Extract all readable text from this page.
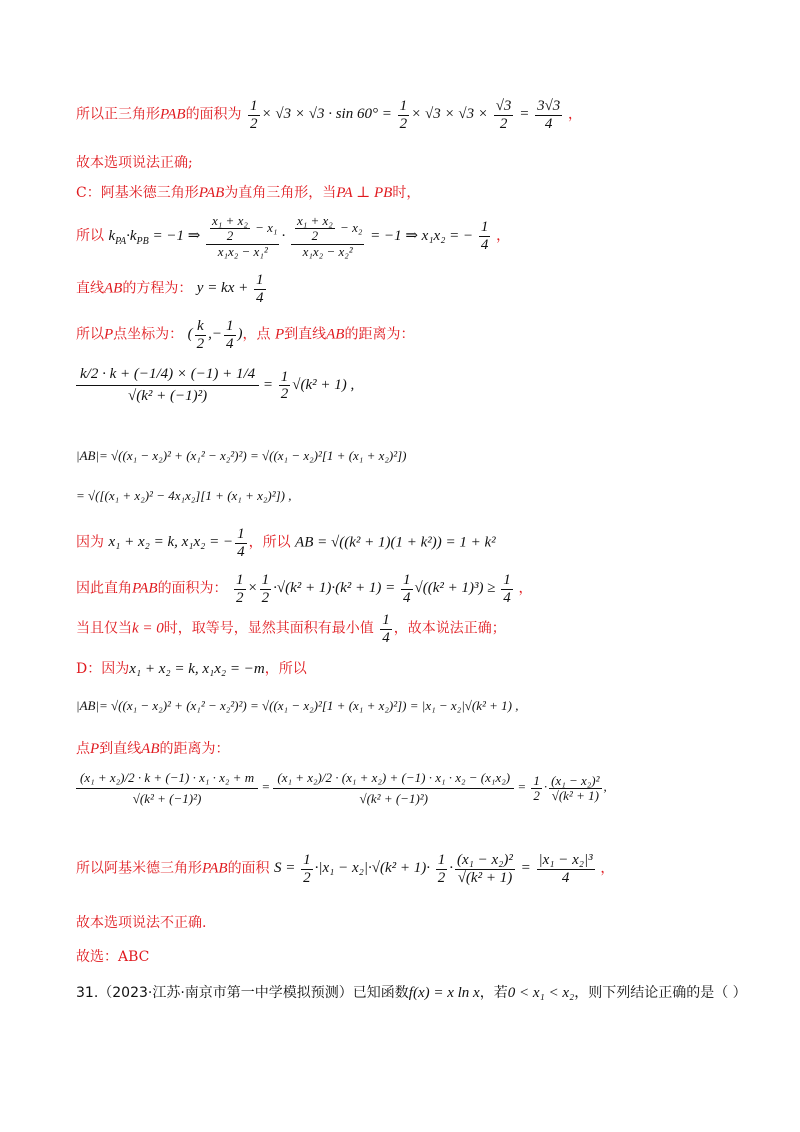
所以正三角形PAB的面积为 $\frac{1}{2} \times √3 \times √3 \cdot \sin 60^\circ = \frac{1}{2} \times √3 \times √3 \times \frac{√3}{2} = \frac{3√3}{4}$ ，
故本选项说法正确;
C：阿基米德三角形PAB为直角三角形，当PA ⊥ PB时，
所以 $k_{PA}\cdot k_{PB} = -1$ ⇒ $\frac{\frac{\text{x₁ + x₂}}{2} - x_1}{\text{x₁x₂ − x₁²}} \cdot \frac{\frac{\text{x₁ + x₂}}{2} - x_2}{\text{x₁x₂ − x₂²}} = -1$ ⇒ x₁x₂ = − $\frac{1}{4}$ ，
直线AB的方程为： y = kx + $\frac{1}{4}$
所以P点坐标为： ( $\frac{k}{2}$ ,− $\frac{1}{4}$ )，点 P到直线AB的距离为：
$\frac{k/2 \cdot k + (-1/4) \times (-1) + 1/4}{\text{√(k² + (−1)²)}} = \frac{1}{2} √(k^2 + 1)$ ,
|AB|= √((x₁ − x₂)² + (x₁² − x₂²)²) = √((x₁ − x₂)²[1 + (x₁ + x₂)²])
= √([(x₁ + x₂)² − 4x₁x₂][1 + (x₁ + x₂)²]) ,
因为 x₁ + x₂ = k, x₁x₂ = − $\frac{1}{4}$ ，所以 AB = √((k² + 1)(1 + k²)) = 1 + k²
因此直角PAB的面积为： $\frac{1}{2} \times \frac{1}{2} \cdot√(k^2 + 1)\cdot(k^2 + 1) = \frac{1}{4} √((k^2 + 1)^3) \ge \frac{1}{4}$ ，
当且仅当k = 0时，取等号，显然其面积有最小值 $\frac{1}{4}$ ，故本说法正确；
D：因为x₁ + x₂ = k, x₁x₂ = −m，所以
|AB|= √((x₁ − x₂)² + (x₁² − x₂²)²) = √((x₁ − x₂)²[1 + (x₁ + x₂)²]) = |x₁ − x₂|√(k² + 1) ,
点P到直线AB的距离为：
$\frac{\text{(x₁ + x₂)/2 · k + (−1) · x₁ · x₂ + m}}{\text{√(k² + (−1)²)}} = \frac{\text{(x₁ + x₂)/2 · (x₁ + x₂) + (−1) · x₁ · x₂ − (x₁x₂)}}{\text{√(k² + (−1)²)}} = \frac{1}{2} \cdot \frac{\text{(x₁ − x₂)²}}{\text{√(k² + 1)}}$ ,
所以阿基米德三角形PAB的面积 $S = \frac{1}{2} \cdot|x_1 - x_2|\cdot√(k^2 + 1)\cdot \frac{1}{2} \cdot \frac{\text{(x₁ − x₂)²}}{\text{√(k² + 1)}} = \frac{\text{|x₁ − x₂|³}}{4}$ ，
故本选项说法不正确.
故选：ABC
31.（2023·江苏·南京市第一中学模拟预测）已知函数f(x) = x ln x，若0 < x₁ < x₂，则下列结论正确的是（ ）
